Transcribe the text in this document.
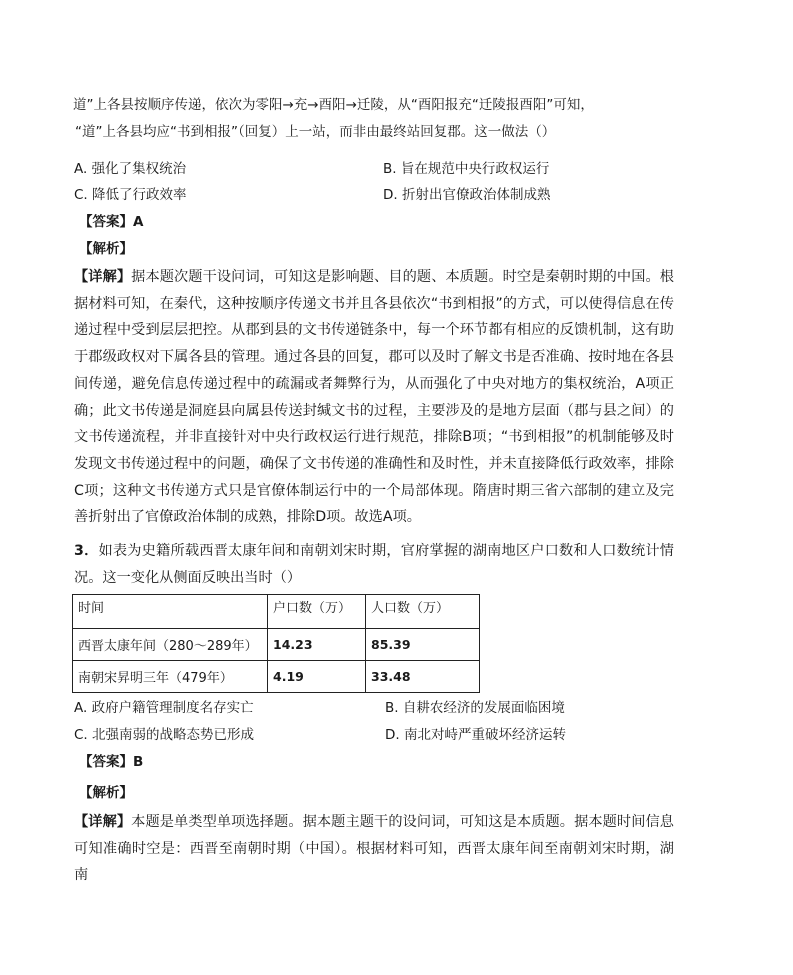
道”上各县按顺序传递，依次为零阳→充→酉阳→迁陵，从“酉阳报充“迁陵报酉阳”可知，
“道”上各县均应“书到相报”（回复）上一站，而非由最终站回复郡。这一做法（）
A. 强化了集权统治	B. 旨在规范中央行政权运行
C. 降低了行政效率	D. 折射出官僚政治体制成熟
【答案】A
【解析】
【详解】据本题次题干设问词，可知这是影响题、目的题、本质题。时空是秦朝时期的中国。根据材料可知，在秦代，这种按顺序传递文书并且各县依次“书到相报”的方式，可以使得信息在传递过程中受到层层把控。从郡到县的文书传递链条中，每一个环节都有相应的反馈机制，这有助于郡级政权对下属各县的管理。通过各县的回复，郡可以及时了解文书是否准确、按时地在各县间传递，避免信息传递过程中的疏漏或者舞弊行为，从而强化了中央对地方的集权统治，A项正确；此文书传递是洞庭县向属县传送封缄文书的过程，主要涉及的是地方层面（郡与县之间）的文书传递流程，并非直接针对中央行政权运行进行规范，排除B项；“书到相报”的机制能够及时发现文书传递过程中的问题，确保了文书传递的准确性和及时性，并未直接降低行政效率，排除C项；这种文书传递方式只是官僚体制运行中的一个局部体现。隋唐时期三省六部制的建立及完善折射出了官僚政治体制的成熟，排除D项。故选A项。
3．如表为史籍所载西晋太康年间和南朝刘宋时期，官府掌握的湖南地区户口数和人口数统计情况。这一变化从侧面反映出当时（）
时间	户口数（万）	人口数（万）
西晋太康年间（280～289年）	14.23	85.39
南朝宋昇明三年（479年）	4.19	33.48
A. 政府户籍管理制度名存实亡	B. 自耕农经济的发展面临困境
C. 北强南弱的战略态势已形成	D. 南北对峙严重破坏经济运转
【答案】B
【解析】
【详解】本题是单类型单项选择题。据本题主题干的设问词，可知这是本质题。据本题时间信息可知准确时空是：西晋至南朝时期（中国）。根据材料可知，西晋太康年间至南朝刘宋时期，湖南
